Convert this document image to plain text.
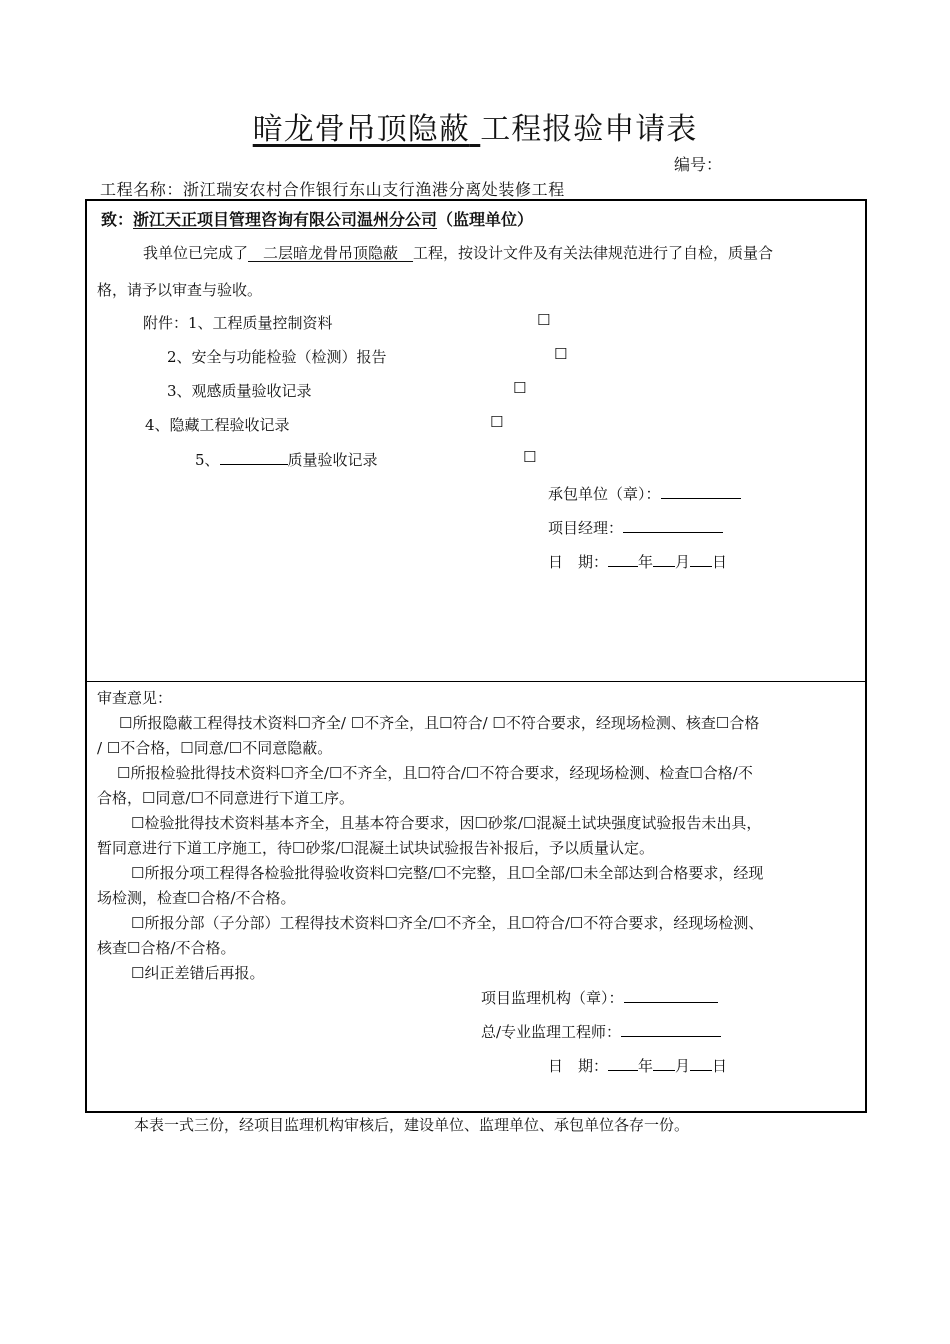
暗龙骨吊顶隐蔽 工程报验申请表
编号：
工程名称：浙江瑞安农村合作银行东山支行渔港分离处装修工程
致：浙江天正项目管理咨询有限公司温州分公司（监理单位）
我单位已完成了__二层暗龙骨吊顶隐蔽__工程，按设计文件及有关法律规范进行了自检，质量合
格，请予以审查与验收。
附件：1、工程质量控制资料	☐
2、安全与功能检验（检测）报告	☐
3、观感质量验收记录	☐
4、隐藏工程验收记录	☐
5、	质量验收记录	☐
承包单位（章）：
项目经理：
日　期： 年 月 日
审查意见：
☐所报隐蔽工程得技术资料☐齐全/ ☐不齐全，且☐符合/ ☐不符合要求，经现场检测、核查☐合格
/ ☐不合格，☐同意/☐不同意隐蔽。
☐所报检验批得技术资料☐齐全/☐不齐全，且☐符合/☐不符合要求，经现场检测、检查☐合格/不
合格，☐同意/☐不同意进行下道工序。
☐检验批得技术资料基本齐全，且基本符合要求，因☐砂浆/☐混凝土试块强度试验报告未出具，
暂同意进行下道工序施工，待☐砂浆/☐混凝土试块试验报告补报后，予以质量认定。
☐所报分项工程得各检验批得验收资料☐完整/☐不完整，且☐全部/☐未全部达到合格要求，经现
场检测，检查☐合格/不合格。
☐所报分部（子分部）工程得技术资料☐齐全/☐不齐全，且☐符合/☐不符合要求，经现场检测、
核查☐合格/不合格。
☐纠正差错后再报。
项目监理机构（章）：
总/专业监理工程师：
日　期： 年 月 日
本表一式三份，经项目监理机构审核后，建设单位、监理单位、承包单位各存一份。
